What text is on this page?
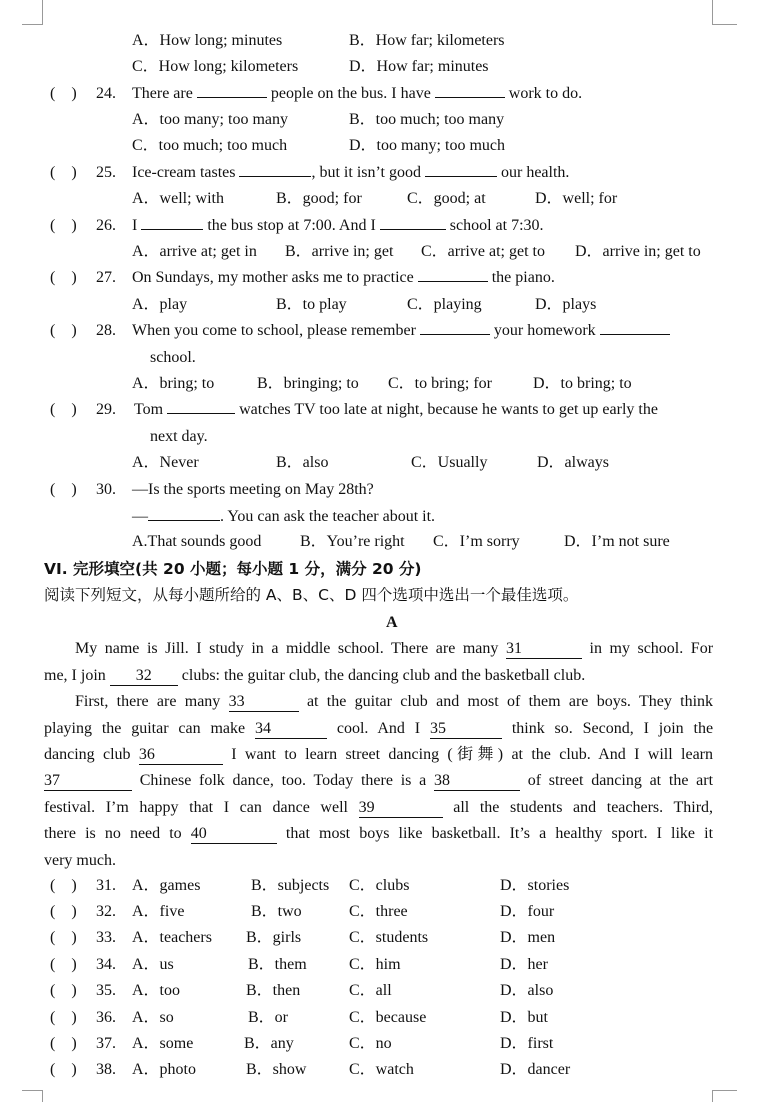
A．How long; minutes	B．How far; kilometers
C．How long; kilometers	D．How far; minutes
(　) 24. There are	people on the bus. I have	work to do.
A．too many; too many	B．too much; too many
C．too much; too much	D．too many; too much
(　) 25. Ice-cream tastes	, but it isn’t good	our health.
A．well; with	B．good; for	C．good; at	D．well; for
(　) 26. I	the bus stop at 7:00. And I	school at 7:30.
A．arrive at; get in B．arrive in; get C．arrive at; get to D．arrive in; get to
(　) 27. On Sundays, my mother asks me to practice	the piano.
A．play	B．to play	C．playing	D．plays
(　) 28. When you come to school, please remember	your homework
school.
A．bring; to	B．bringing; to C．to bring; for	D．to bring; to
(　) 29. Tom	watches TV too late at night, because he wants to get up early the
next day.
A．Never	B．also	C．Usually	D．always
(　) 30. —Is the sports meeting on May 28th?
—	. You can ask the teacher about it.
A.That sounds good B．You’re right C．I’m sorry	D．I’m not sure
VI. 完形填空(共 20 小题；每小题 1 分，满分 20 分)
阅读下列短文，从每小题所给的 A、B、C、D 四个选项中选出一个最佳选项。
A
My name is Jill. I study in a middle school. There are many 31	in my school. For
me, I join 32 clubs: the guitar club, the dancing club and the basketball club.
First, there are many 33	at the guitar club and most of them are boys. They think
playing the guitar can make 34	cool. And I 35	think so. Second, I join the
dancing club 36	I want to learn street dancing (街舞) at the club. And I will learn
37	Chinese folk dance, too. Today there is a 38	of street dancing at the art
festival. I’m happy that I can dance well 39	all the students and teachers. Third,
there is no need to 40	that most boys like basketball. It’s a healthy sport. I like it
very much.
(　) 31. A．games	B．subjects C．clubs	D．stories
(　) 32. A．five	B．two	C．three	D．four
(　) 33. A．teachers B．girls	C．students	D．men
(　) 34. A．us	B．them	C．him	D．her
(　) 35. A．too	B．then	C．all	D．also
(　) 36. A．so	B．or	C．because	D．but
(　) 37. A．some	B．any	C．no	D．first
(　) 38. A．photo	B．show	C．watch	D．dancer
